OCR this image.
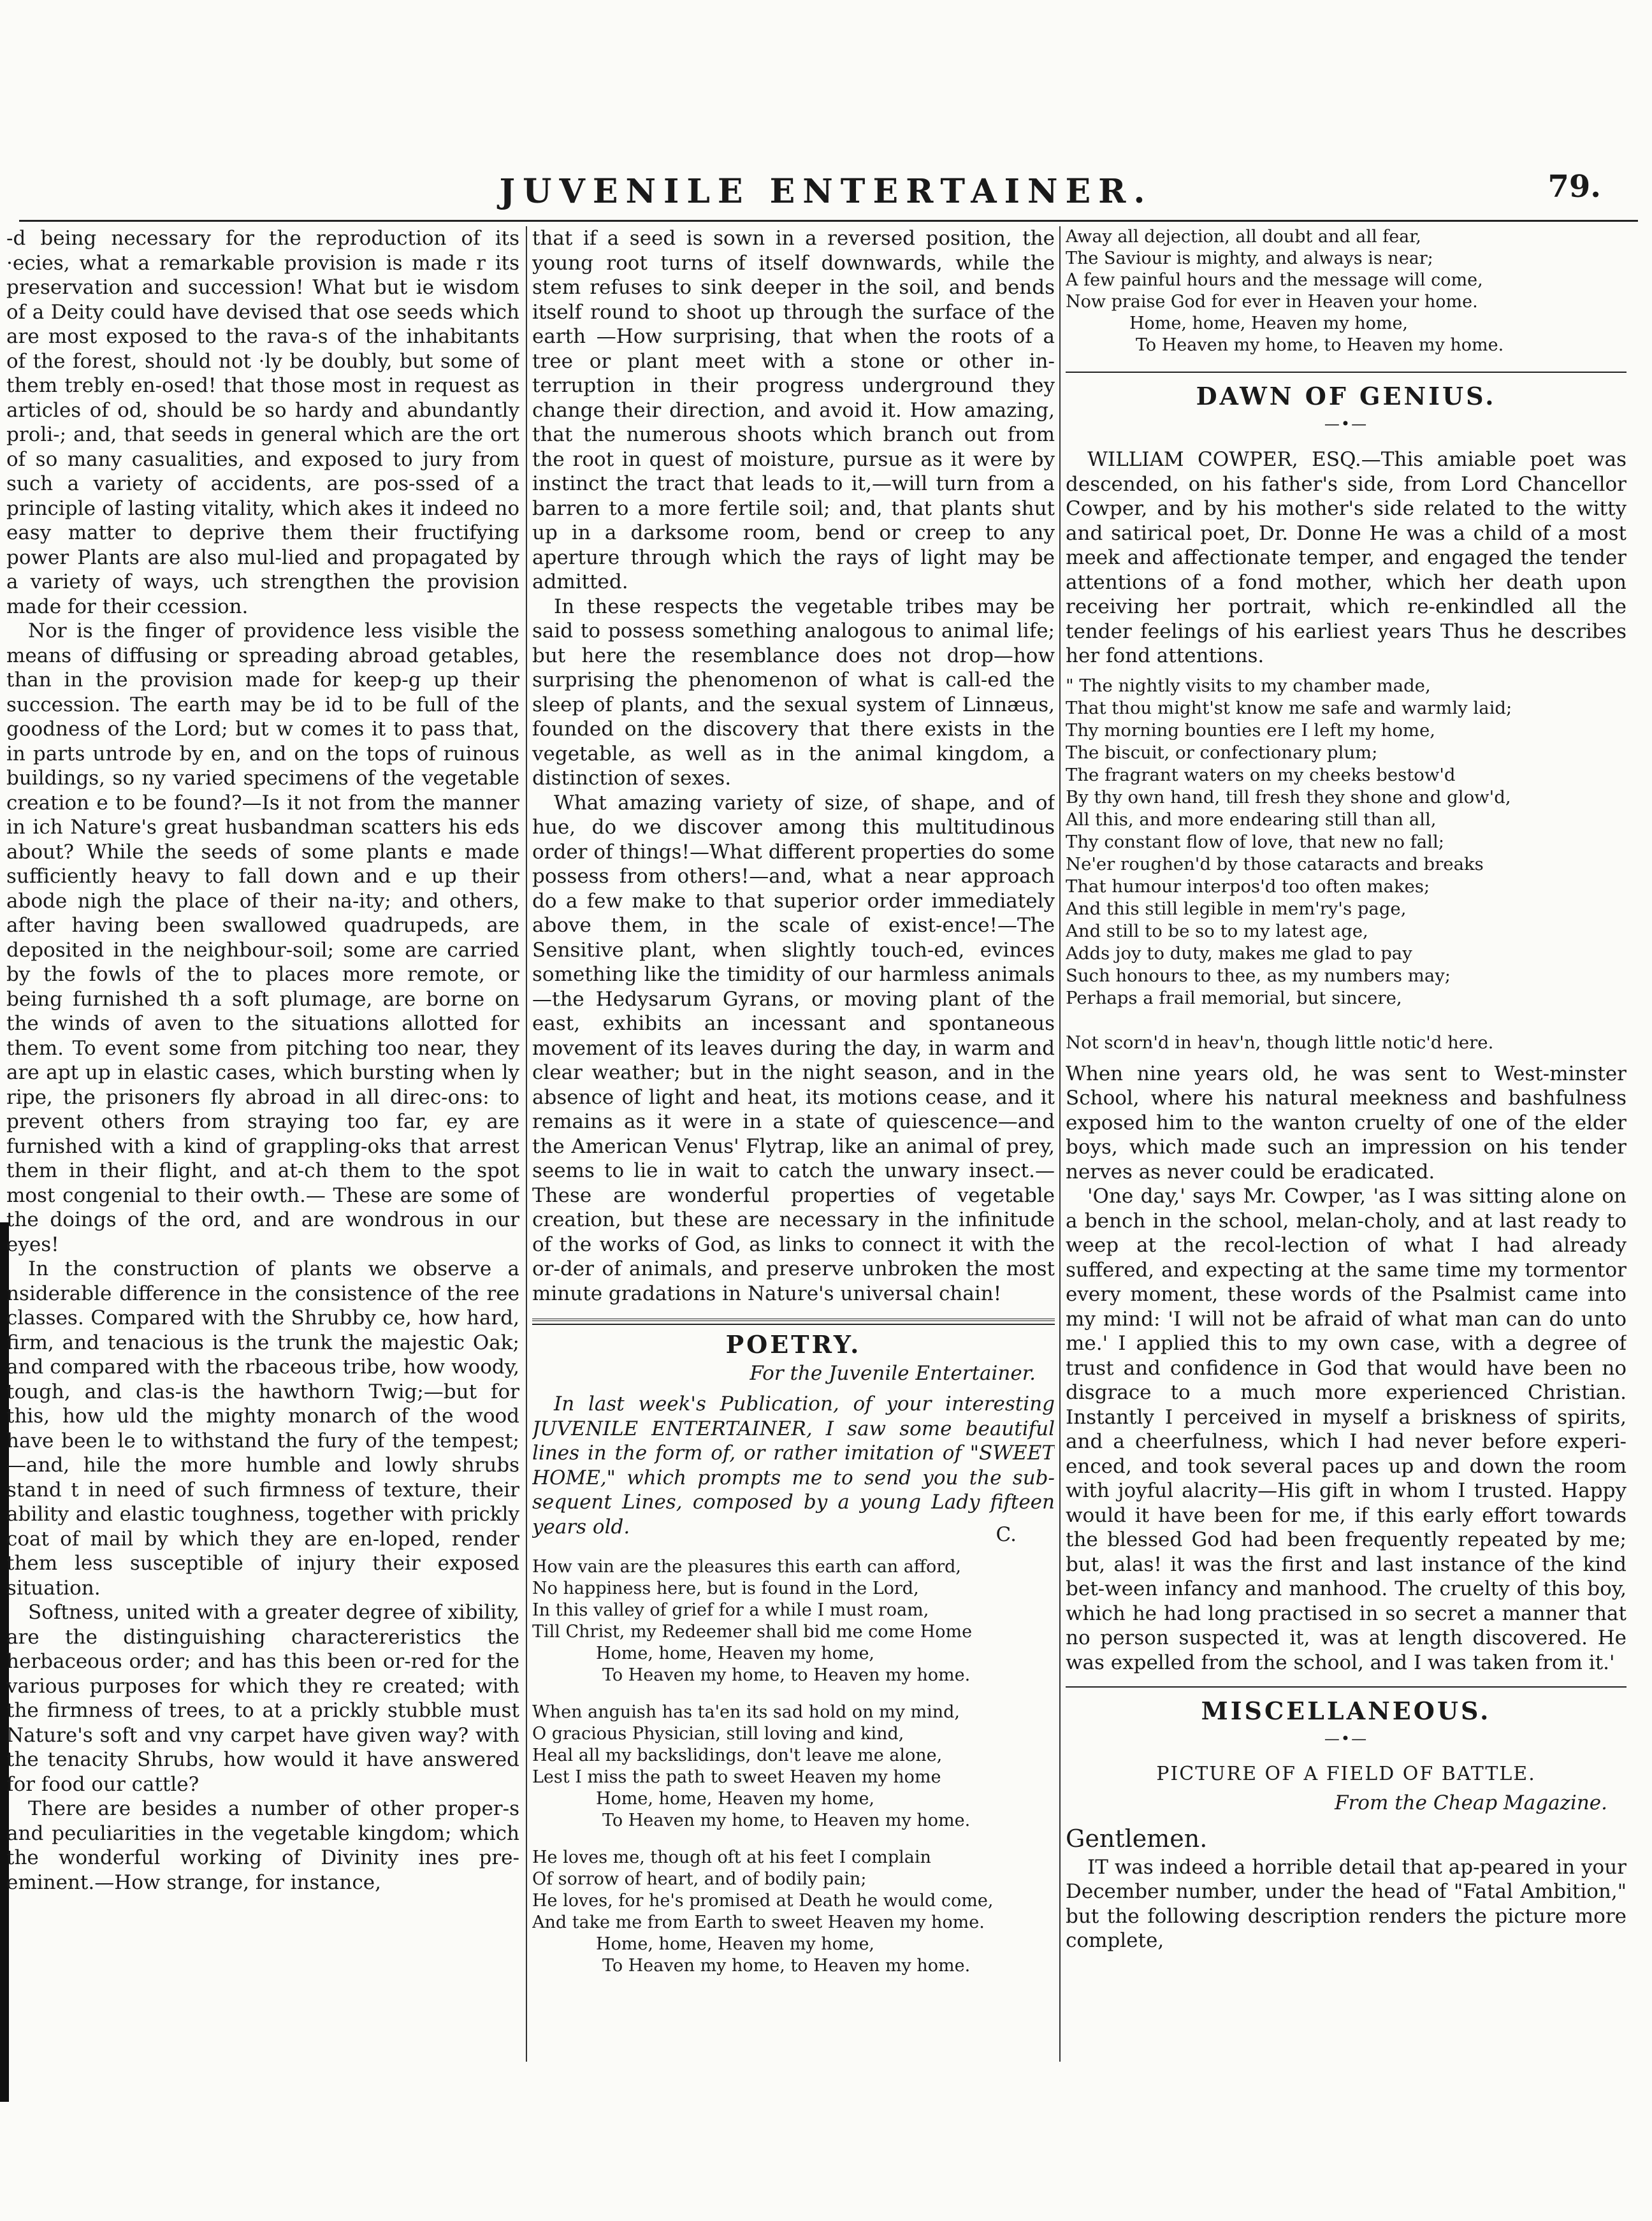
JUVENILE ENTERTAINER.	79.

-d being necessary for the reproduction of its ·ecies, what a remarkable provision is made r its preservation and succession! What but ie wisdom of a Deity could have devised that ose seeds which are most exposed to the rava-s of the inhabitants of the forest, should not ·ly be doubly, but some of them trebly en-osed! that those most in request as articles of od, should be so hardy and abundantly proli-; and, that seeds in general which are the ort of so many casualities, and exposed to jury from such a variety of accidents, are pos-ssed of a principle of lasting vitality, which akes it indeed no easy matter to deprive them their fructifying power Plants are also mul-lied and propagated by a variety of ways, uch strengthen the provision made for their ccession.

Nor is the finger of providence less visible the means of diffusing or spreading abroad getables, than in the provision made for keep-g up their succession. The earth may be id to be full of the goodness of the Lord; but w comes it to pass that, in parts untrode by en, and on the tops of ruinous buildings, so ny varied specimens of the vegetable creation e to be found?—Is it not from the manner in ich Nature's great husbandman scatters his eds about? While the seeds of some plants e made sufficiently heavy to fall down and e up their abode nigh the place of their na-ity; and others, after having been swallowed quadrupeds, are deposited in the neighbour-soil; some are carried by the fowls of the to places more remote, or being furnished th a soft plumage, are borne on the winds of aven to the situations allotted for them. To event some from pitching too near, they are apt up in elastic cases, which bursting when ly ripe, the prisoners fly abroad in all direc-ons: to prevent others from straying too far, ey are furnished with a kind of grappling-oks that arrest them in their flight, and at-ch them to the spot most congenial to their owth.— These are some of the doings of the ord, and are wondrous in our eyes!

In the construction of plants we observe a nsiderable difference in the consistence of the ree classes. Compared with the Shrubby ce, how hard, firm, and tenacious is the trunk the majestic Oak; and compared with the rbaceous tribe, how woody, tough, and clas-is the hawthorn Twig;—but for this, how uld the mighty monarch of the wood have been le to withstand the fury of the tempest;—and, hile the more humble and lowly shrubs stand t in need of such firmness of texture, their ability and elastic toughness, together with prickly coat of mail by which they are en-loped, render them less susceptible of injury their exposed situation.

Softness, united with a greater degree of xibility, are the distinguishing charactereristics the herbaceous order; and has this been or-red for the various purposes for which they re created; with the firmness of trees, to at a prickly stubble must Nature's soft and vny carpet have given way? with the tenacity Shrubs, how would it have answered for food our cattle?

There are besides a number of other proper-s and peculiarities in the vegetable kingdom; which the wonderful working of Divinity ines pre-eminent.—How strange, for instance,

that if a seed is sown in a reversed position, the young root turns of itself downwards, while the stem refuses to sink deeper in the soil, and bends itself round to shoot up through the surface of the earth —How surprising, that when the roots of a tree or plant meet with a stone or other in-terruption in their progress underground they change their direction, and avoid it. How amazing, that the numerous shoots which branch out from the root in quest of moisture, pursue as it were by instinct the tract that leads to it,—will turn from a barren to a more fertile soil; and, that plants shut up in a darksome room, bend or creep to any aperture through which the rays of light may be admitted.

In these respects the vegetable tribes may be said to possess something analogous to animal life; but here the resemblance does not drop—how surprising the phenomenon of what is call-ed the sleep of plants, and the sexual system of Linnæus, founded on the discovery that there exists in the vegetable, as well as in the animal kingdom, a distinction of sexes.

What amazing variety of size, of shape, and of hue, do we discover among this multitudinous order of things!—What different properties do some possess from others!—and, what a near approach do a few make to that superior order immediately above them, in the scale of exist-ence!—The Sensitive plant, when slightly touch-ed, evinces something like the timidity of our harmless animals—the Hedysarum Gyrans, or moving plant of the east, exhibits an incessant and spontaneous movement of its leaves during the day, in warm and clear weather; but in the night season, and in the absence of light and heat, its motions cease, and it remains as it were in a state of quiescence—and the American Venus' Flytrap, like an animal of prey, seems to lie in wait to catch the unwary insect.—These are wonderful properties of vegetable creation, but these are necessary in the infinitude of the works of God, as links to connect it with the or-der of animals, and preserve unbroken the most minute gradations in Nature's universal chain!

POETRY.
For the Juvenile Entertainer.

In last week's Publication, of your interesting JUVENILE ENTERTAINER, I saw some beautiful lines in the form of, or rather imitation of "SWEET HOME," which prompts me to send you the sub-sequent Lines, composed by a young Lady fifteen years old.	C.
How vain are the pleasures this earth can afford,
No happiness here, but is found in the Lord,
In this valley of grief for a while I must roam,
Till Christ, my Redeemer shall bid me come Home
Home, home, Heaven my home,
To Heaven my home, to Heaven my home.
When anguish has ta'en its sad hold on my mind,
O gracious Physician, still loving and kind,
Heal all my backslidings, don't leave me alone,
Lest I miss the path to sweet Heaven my home
Home, home, Heaven my home,
To Heaven my home, to Heaven my home.
He loves me, though oft at his feet I complain
Of sorrow of heart, and of bodily pain;
He loves, for he's promised at Death he would come,
And take me from Earth to sweet Heaven my home.
Home, home, Heaven my home,
To Heaven my home, to Heaven my home.
Away all dejection, all doubt and all fear,
The Saviour is mighty, and always is near;
A few painful hours and the message will come,
Now praise God for ever in Heaven your home.
Home, home, Heaven my home,
To Heaven my home, to Heaven my home.
DAWN OF GENIUS.
—•—

WILLIAM COWPER, ESQ.—This amiable poet was descended, on his father's side, from Lord Chancellor Cowper, and by his mother's side related to the witty and satirical poet, Dr. Donne He was a child of a most meek and affectionate temper, and engaged the tender attentions of a fond mother, which her death upon receiving her portrait, which re-enkindled all the tender feelings of his earliest years Thus he describes her fond attentions.

" The nightly visits to my chamber made,
That thou might'st know me safe and warmly laid;
Thy morning bounties ere I left my home,
The biscuit, or confectionary plum;
The fragrant waters on my cheeks bestow'd
By thy own hand, till fresh they shone and glow'd,
All this, and more endearing still than all,
Thy constant flow of love, that new no fall;
Ne'er roughen'd by those cataracts and breaks
That humour interpos'd too often makes;
And this still legible in mem'ry's page,
And still to be so to my latest age,
Adds joy to duty, makes me glad to pay
Such honours to thee, as my numbers may;
Perhaps a frail memorial, but sincere,
Not scorn'd in heav'n, though little notic'd here.

When nine years old, he was sent to West-minster School, where his natural meekness and bashfulness exposed him to the wanton cruelty of one of the elder boys, which made such an impression on his tender nerves as never could be eradicated.

'One day,' says Mr. Cowper, 'as I was sitting alone on a bench in the school, melan-choly, and at last ready to weep at the recol-lection of what I had already suffered, and expecting at the same time my tormentor every moment, these words of the Psalmist came into my mind: 'I will not be afraid of what man can do unto me.' I applied this to my own case, with a degree of trust and confidence in God that would have been no disgrace to a much more experienced Christian. Instantly I perceived in myself a briskness of spirits, and a cheerfulness, which I had never before experi-enced, and took several paces up and down the room with joyful alacrity—His gift in whom I trusted. Happy would it have been for me, if this early effort towards the blessed God had been frequently repeated by me; but, alas! it was the first and last instance of the kind bet-ween infancy and manhood. The cruelty of this boy, which he had long practised in so secret a manner that no person suspected it, was at length discovered. He was expelled from the school, and I was taken from it.'

MISCELLANEOUS.
—•—
PICTURE OF A FIELD OF BATTLE.
From the Cheap Magazine.
Gentlemen.

IT was indeed a horrible detail that ap-peared in your December number, under the head of "Fatal Ambition," but the following description renders the picture more complete,
